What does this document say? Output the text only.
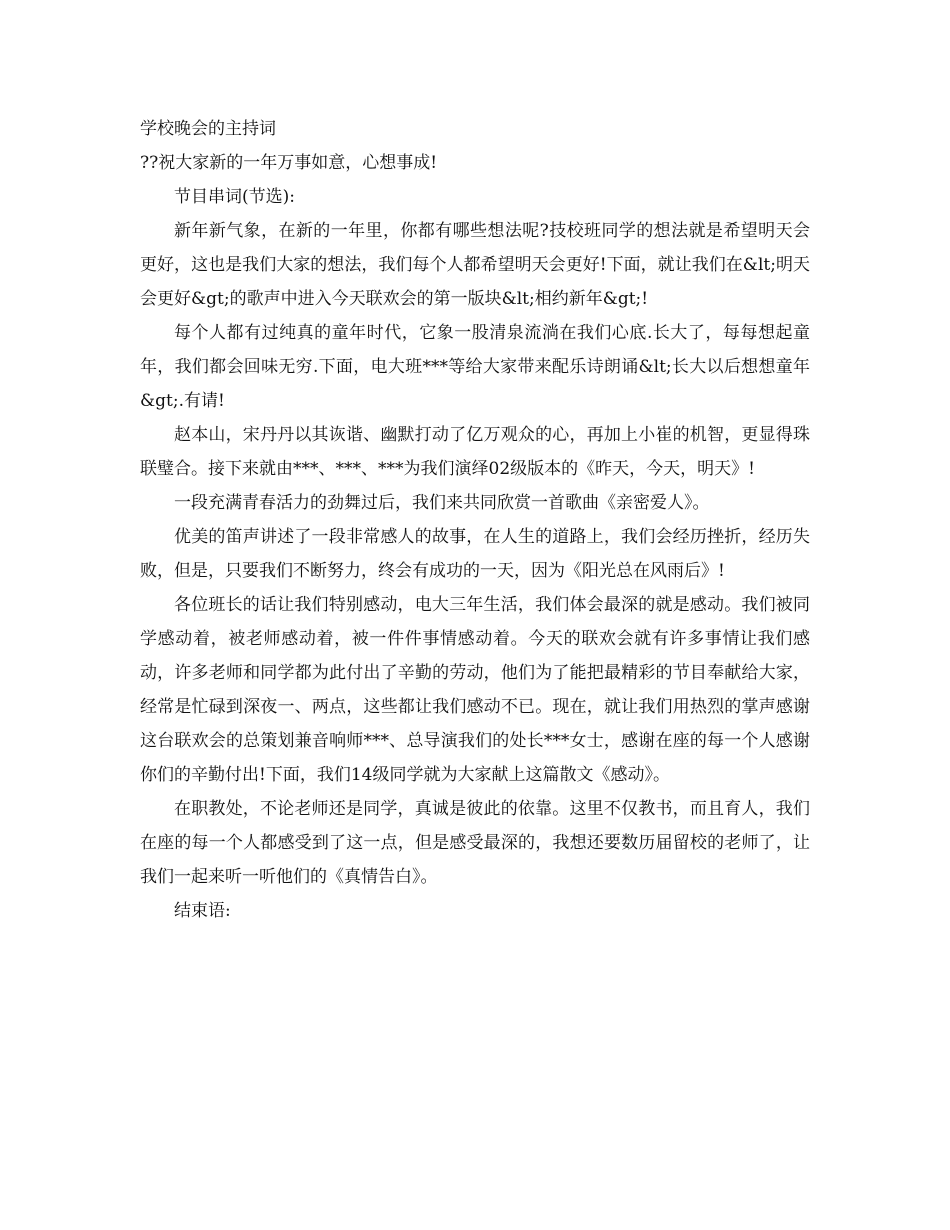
学校晚会的主持词

??祝大家新的一年万事如意，心想事成!

节目串词(节选):

新年新气象，在新的一年里，你都有哪些想法呢?技校班同学的想法就是希望明天会更好，这也是我们大家的想法，我们每个人都希望明天会更好!下面，就让我们在&lt;明天会更好&gt;的歌声中进入今天联欢会的第一版块&lt;相约新年&gt;!

每个人都有过纯真的童年时代，它象一股清泉流淌在我们心底.长大了，每每想起童年，我们都会回味无穷.下面，电大班***等给大家带来配乐诗朗诵&lt;长大以后想想童年&gt;.有请!

赵本山，宋丹丹以其诙谐、幽默打动了亿万观众的心，再加上小崔的机智，更显得珠联璧合。接下来就由***、***、***为我们演绎02级版本的《昨天，今天，明天》!

一段充满青春活力的劲舞过后，我们来共同欣赏一首歌曲《亲密爱人》。

优美的笛声讲述了一段非常感人的故事，在人生的道路上，我们会经历挫折，经历失败，但是，只要我们不断努力，终会有成功的一天，因为《阳光总在风雨后》!

各位班长的话让我们特别感动，电大三年生活，我们体会最深的就是感动。我们被同学感动着，被老师感动着，被一件件事情感动着。今天的联欢会就有许多事情让我们感动，许多老师和同学都为此付出了辛勤的劳动，他们为了能把最精彩的节目奉献给大家，经常是忙碌到深夜一、两点，这些都让我们感动不已。现在，就让我们用热烈的掌声感谢这台联欢会的总策划兼音响师***、总导演我们的处长***女士，感谢在座的每一个人感谢你们的辛勤付出!下面，我们14级同学就为大家献上这篇散文《感动》。

在职教处，不论老师还是同学，真诚是彼此的依靠。这里不仅教书，而且育人，我们在座的每一个人都感受到了这一点，但是感受最深的，我想还要数历届留校的老师了，让我们一起来听一听他们的《真情告白》。

结束语:
